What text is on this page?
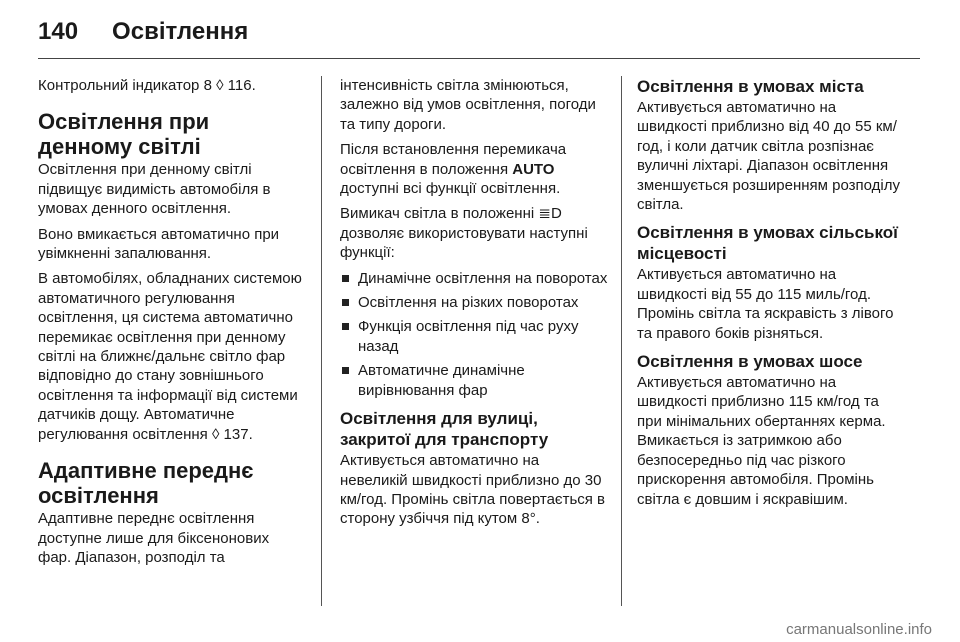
140 Освітлення

Контрольний індикатор 8 ◊ 116.

Освітлення при денному світлі

Освітлення при денному світлі підвищує видимість автомобіля в умовах денного освітлення.

Воно вмикається автоматично при увімкненні запалювання.

В автомобілях, обладнаних системою автоматичного регулювання освітлення, ця система автоматично перемикає освітлення при денному світлі на ближнє/дальнє світло фар відповідно до стану зовнішнього освітлення та інформації від системи датчиків дощу. Автоматичне регулювання освітлення ◊ 137.

Адаптивне переднє освітлення

Адаптивне переднє освітлення доступне лише для біксенонових фар. Діапазон, розподіл та

інтенсивність світла змінюються, залежно від умов освітлення, погоди та типу дороги.

Після встановлення перемикача освітлення в положення AUTO доступні всі функції освітлення.

Вимикач світла в положенні ≣D дозволяє використовувати наступні функції:

Динамічне освітлення на поворотах
Освітлення на різких поворотах
Функція освітлення під час руху назад
Автоматичне динамічне вирівнювання фар
Освітлення для вулиці, закритої для транспорту

Активується автоматично на невеликій швидкості приблизно до 30 км/год. Промінь світла повертається в сторону узбіччя під кутом 8°.

Освітлення в умовах міста

Активується автоматично на швидкості приблизно від 40 до 55 км/год, і коли датчик світла розпізнає вуличні ліхтарі. Діапазон освітлення зменшується розширенням розподілу світла.

Освітлення в умовах сільської місцевості

Активується автоматично на швидкості від 55 до 115 миль/год. Промінь світла та яскравість з лівого та правого боків різняться.

Освітлення в умовах шосе

Активується автоматично на швидкості приблизно 115 км/год та при мінімальних обертаннях керма. Вмикається із затримкою або безпосередньо під час різкого прискорення автомобіля. Промінь світла є довшим і яскравішим.

carmanualsonline.info
